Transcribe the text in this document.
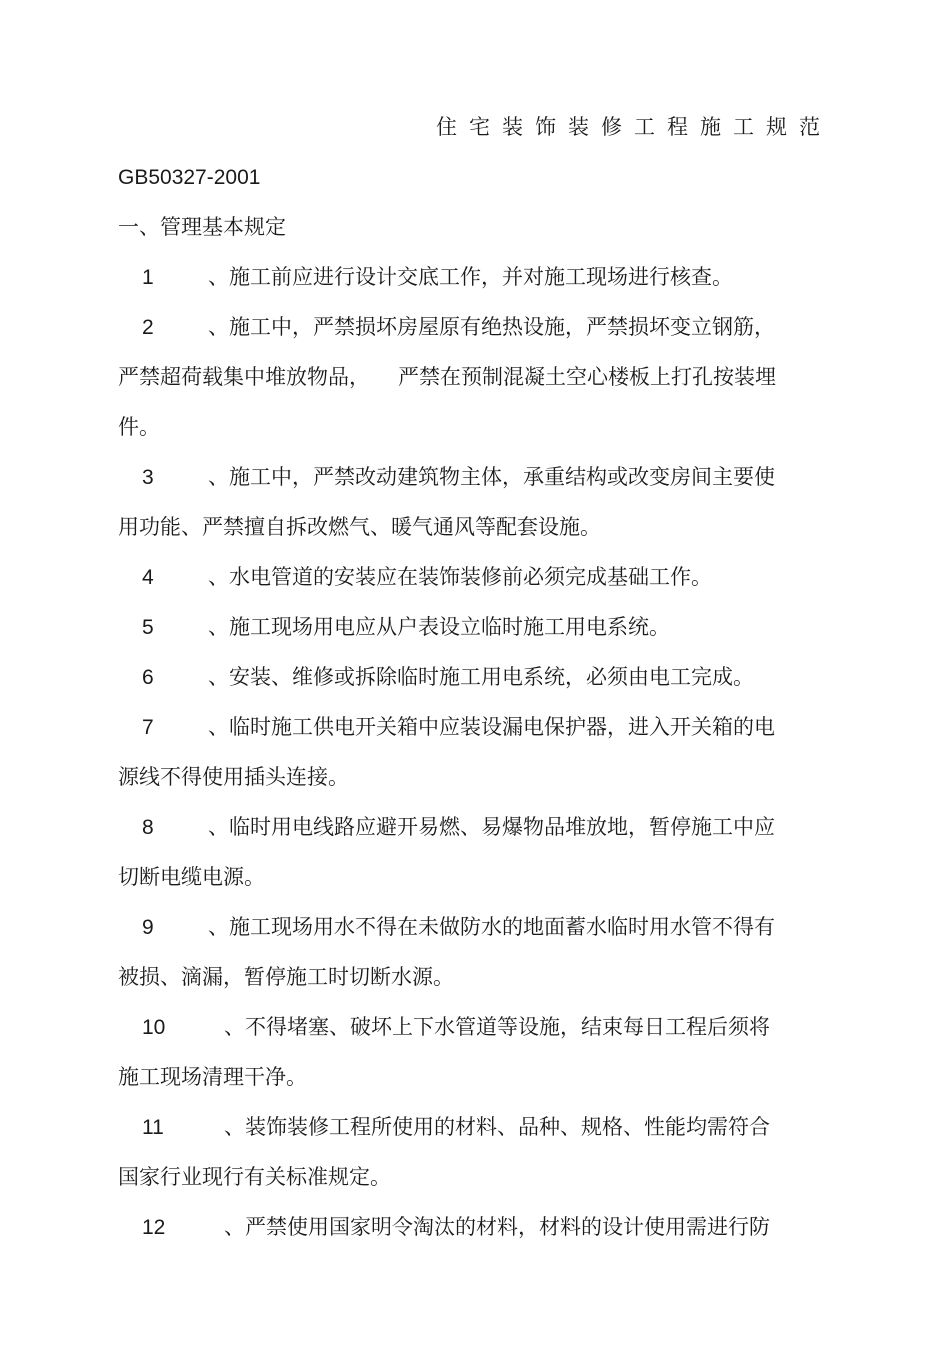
住宅装饰装修工程施工规范
GB50327-2001
一、管理基本规定
1	、施工前应进行设计交底工作，并对施工现场进行核查。
2	、施工中，严禁损坏房屋原有绝热设施，严禁损坏变立钢筋，
严禁超荷载集中堆放物品， 严禁在预制混凝土空心楼板上打孔按装埋
件。
3	、施工中，严禁改动建筑物主体，承重结构或改变房间主要使
用功能、严禁擅自拆改燃气、暖气通风等配套设施。
4	、水电管道的安装应在装饰装修前必须完成基础工作。
5	、施工现场用电应从户表设立临时施工用电系统。
6	、安装、维修或拆除临时施工用电系统，必须由电工完成。
7	、临时施工供电开关箱中应装设漏电保护器，进入开关箱的电
源线不得使用插头连接。
8	、临时用电线路应避开易燃、易爆物品堆放地，暂停施工中应
切断电缆电源。
9	、施工现场用水不得在未做防水的地面蓄水临时用水管不得有
被损、滴漏，暂停施工时切断水源。
10	、不得堵塞、破坏上下水管道等设施，结束每日工程后须将
施工现场清理干净。
11	、装饰装修工程所使用的材料、品种、规格、性能均需符合
国家行业现行有关标准规定。
12	、严禁使用国家明令淘汰的材料，材料的设计使用需进行防
